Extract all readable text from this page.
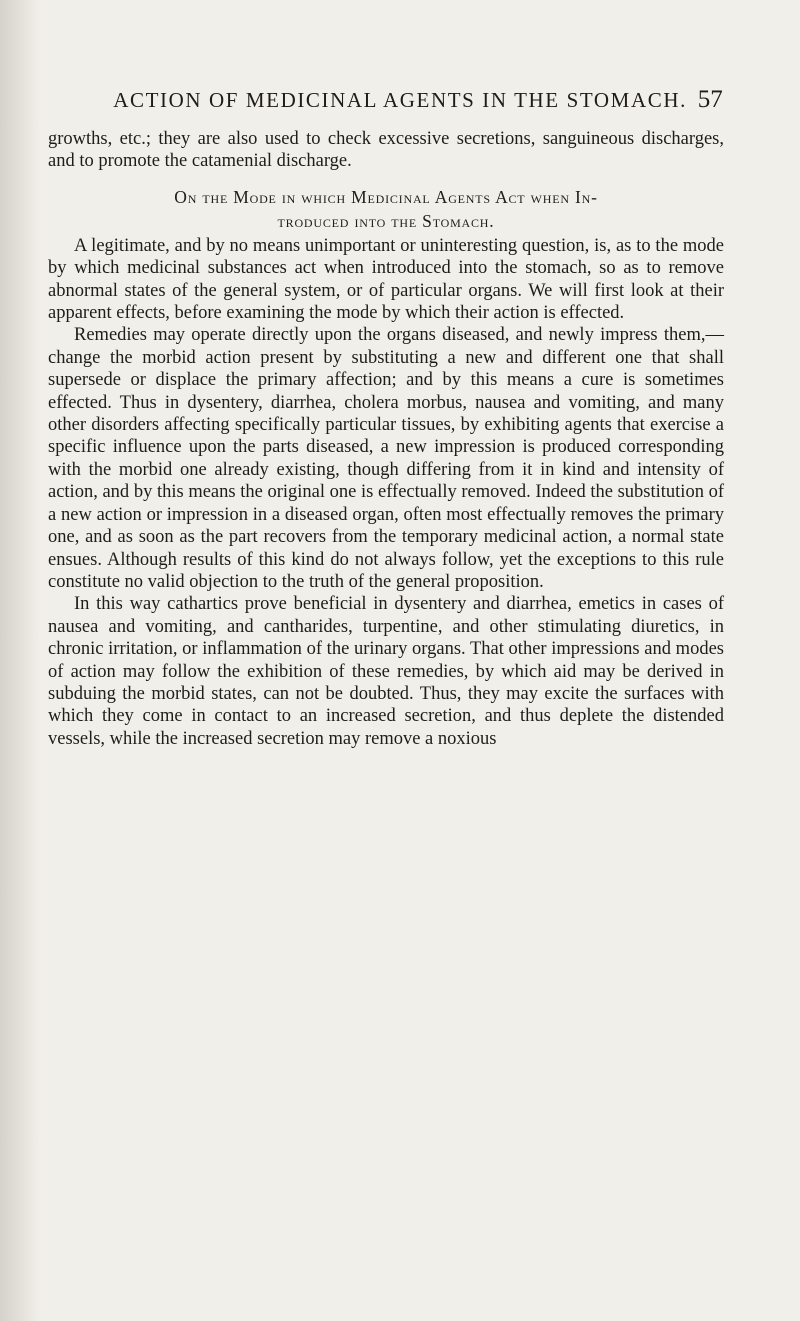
ACTION OF MEDICINAL AGENTS IN THE STOMACH. 57

growths, etc.; they are also used to check excessive secretions, sanguineous discharges, and to promote the catamenial discharge.

On the Mode in which Medicinal Agents Act when In-
troduced into the Stomach.

A legitimate, and by no means unimportant or uninteresting question, is, as to the mode by which medicinal substances act when introduced into the stomach, so as to remove abnormal states of the general system, or of particular organs. We will first look at their apparent effects, before examining the mode by which their action is effected.

Remedies may operate directly upon the organs diseased, and newly impress them,—change the morbid action present by substituting a new and different one that shall supersede or displace the primary affection; and by this means a cure is sometimes effected. Thus in dysentery, diarrhea, cholera morbus, nausea and vomiting, and many other disorders affecting specifically particular tissues, by exhibiting agents that exercise a specific influence upon the parts diseased, a new impression is produced corresponding with the morbid one already existing, though differing from it in kind and intensity of action, and by this means the original one is effectually removed. Indeed the substitution of a new action or impression in a diseased organ, often most effectually removes the primary one, and as soon as the part recovers from the temporary medicinal action, a normal state ensues. Although results of this kind do not always follow, yet the exceptions to this rule constitute no valid objection to the truth of the general proposition.

In this way cathartics prove beneficial in dysentery and diarrhea, emetics in cases of nausea and vomiting, and cantharides, turpentine, and other stimulating diuretics, in chronic irritation, or inflammation of the urinary organs. That other impressions and modes of action may follow the exhibition of these remedies, by which aid may be derived in subduing the morbid states, can not be doubted. Thus, they may excite the surfaces with which they come in contact to an increased secretion, and thus deplete the distended vessels, while the increased secretion may remove a noxious
